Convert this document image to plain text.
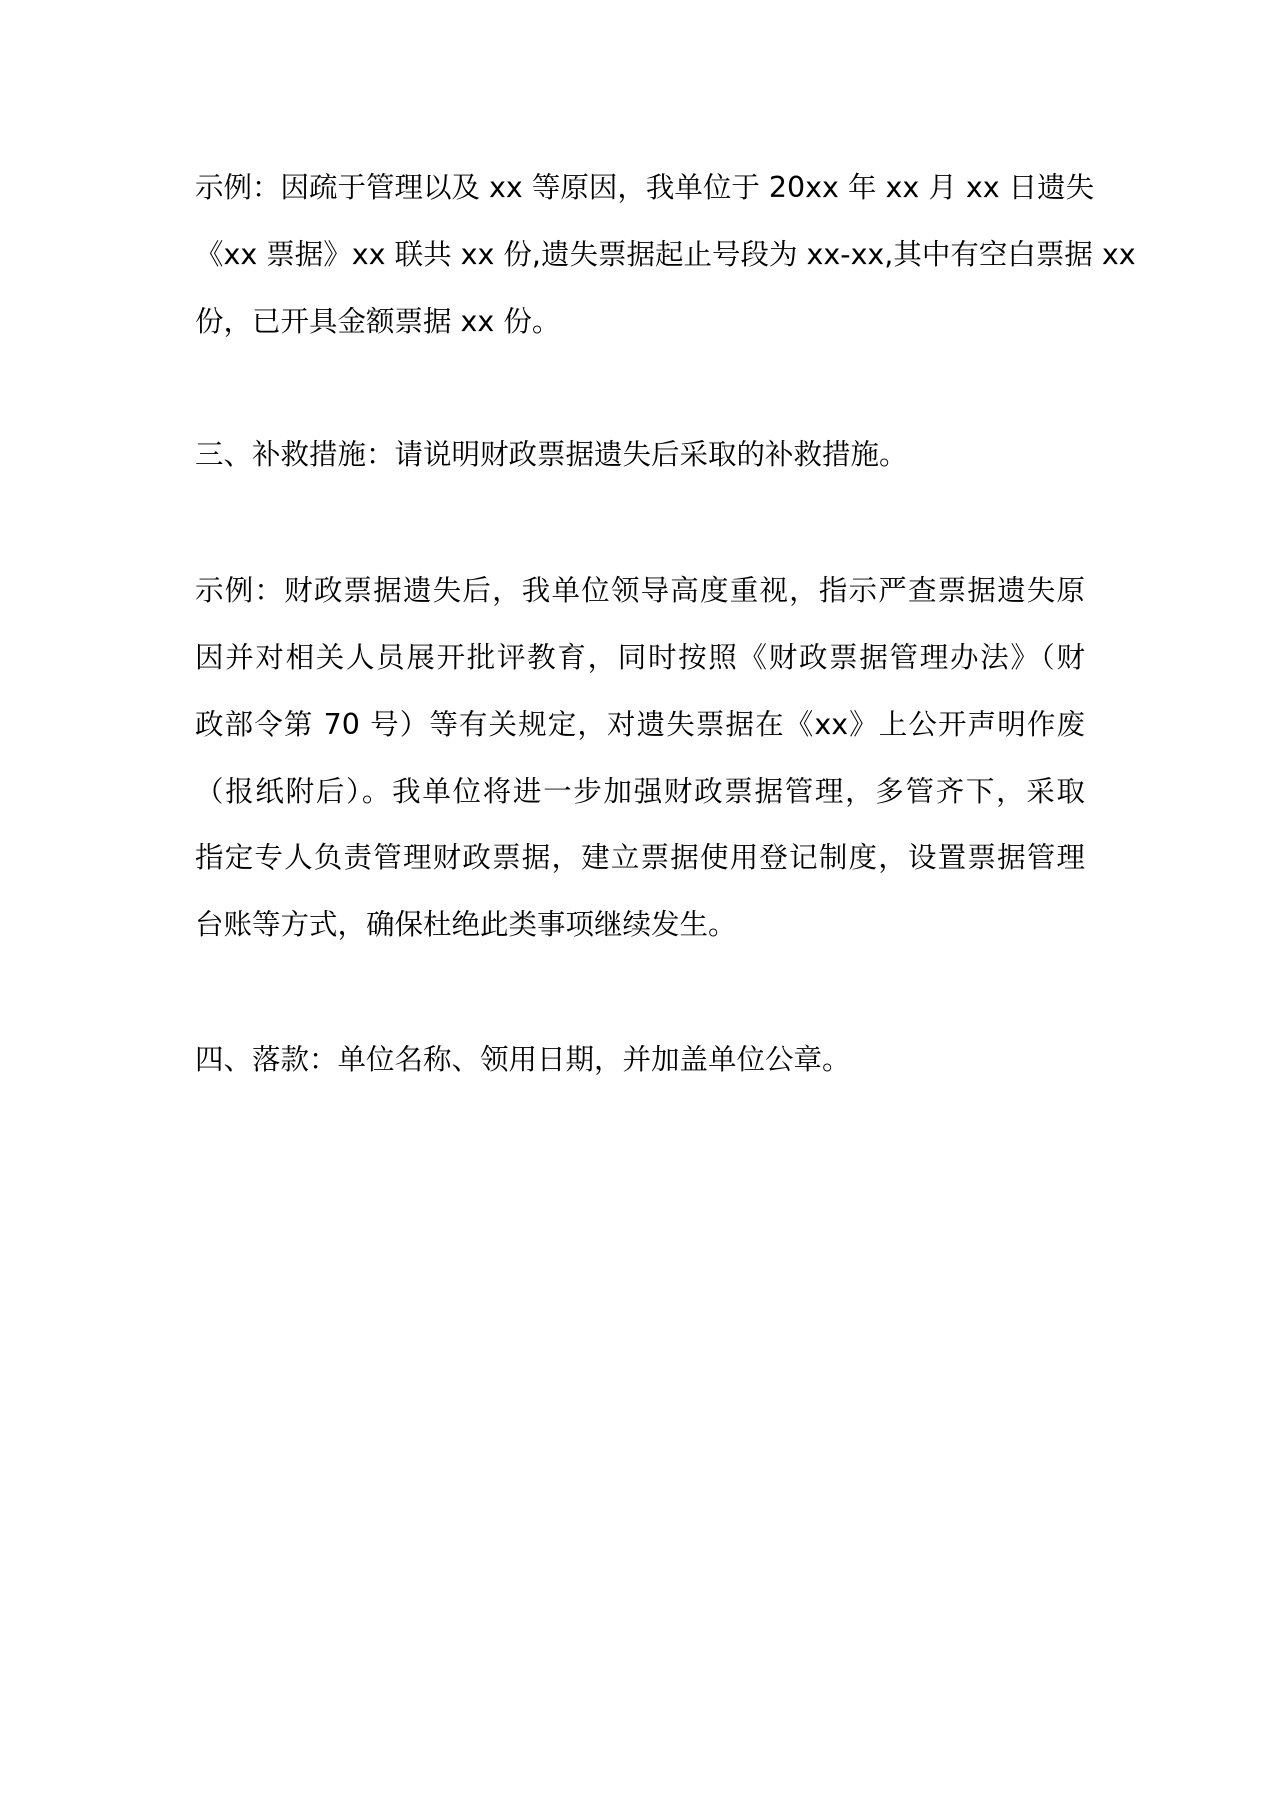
示例：因疏于管理以及 xx 等原因，我单位于 20xx 年 xx 月 xx 日遗失
《xx 票据》xx 联共 xx 份,遗失票据起止号段为 xx-xx,其中有空白票据 xx
份，已开具金额票据 xx 份。
三、补救措施：请说明财政票据遗失后采取的补救措施。
示例：财政票据遗失后，我单位领导高度重视，指示严查票据遗失原
因并对相关人员展开批评教育，同时按照《财政票据管理办法》（财
政部令第 70 号）等有关规定，对遗失票据在《xx》上公开声明作废
（报纸附后）。我单位将进一步加强财政票据管理，多管齐下，采取
指定专人负责管理财政票据，建立票据使用登记制度，设置票据管理
台账等方式，确保杜绝此类事项继续发生。
四、落款：单位名称、领用日期，并加盖单位公章。
